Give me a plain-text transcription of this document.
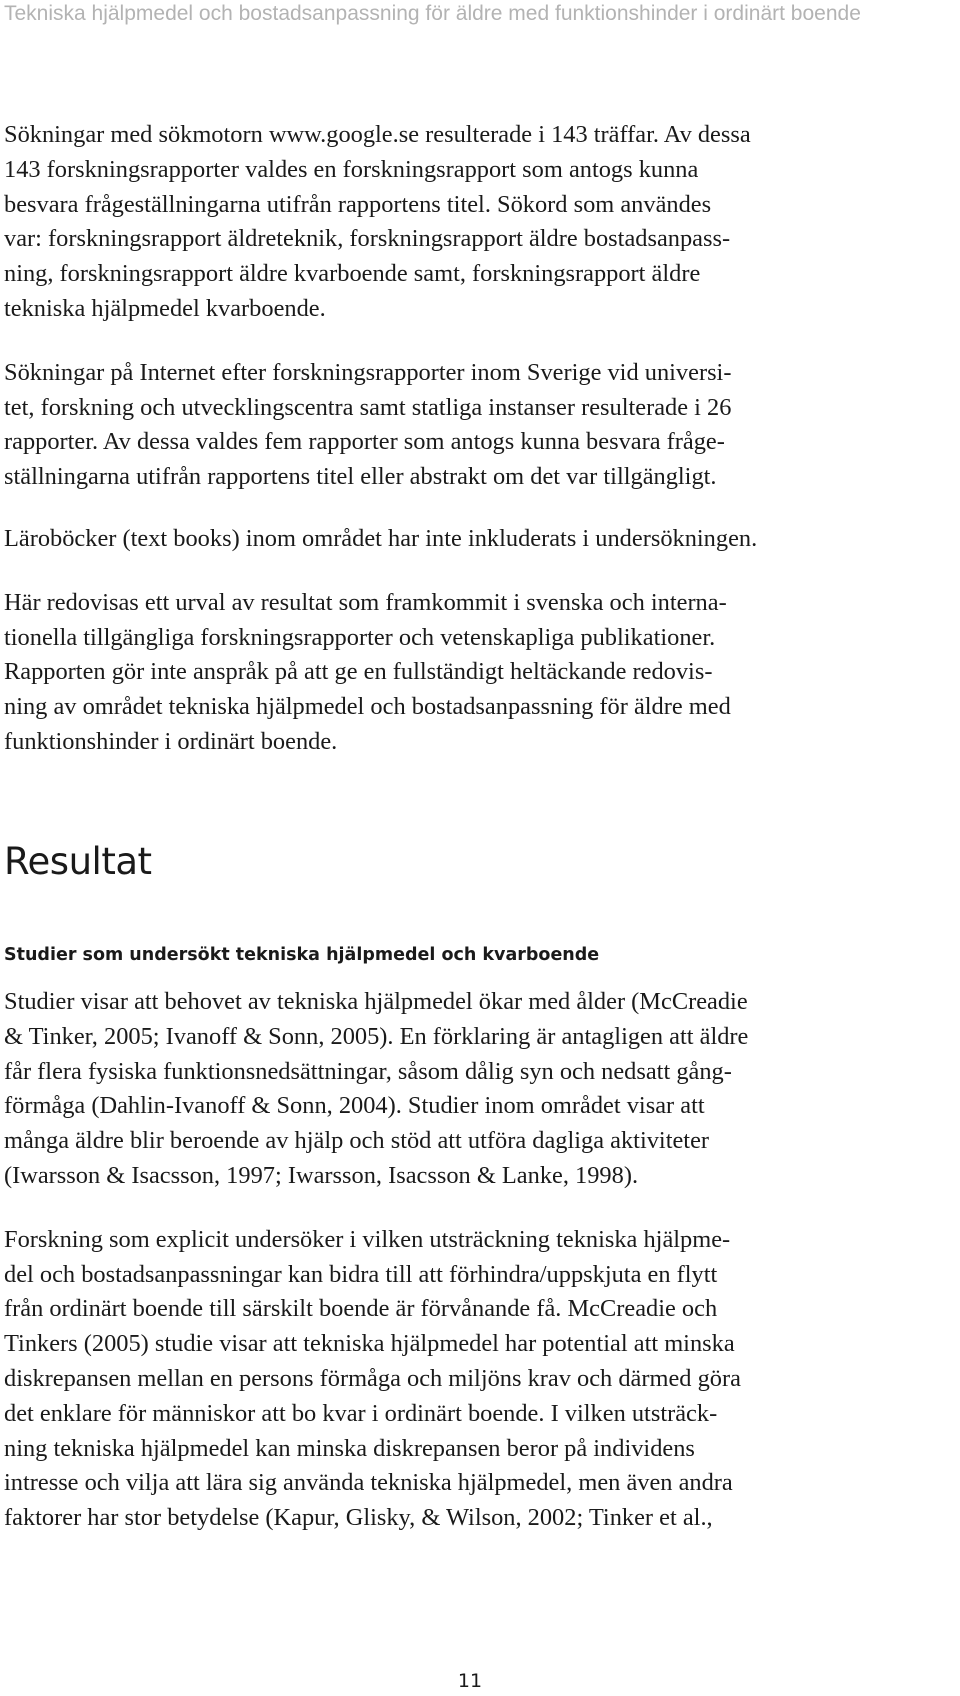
Tekniska hjälpmedel och bostadsanpassning för äldre med funktionshinder i ordinärt boende

Sökningar med sökmotorn www.google.se resulterade i 143 träffar. Av dessa
143 forskningsrapporter valdes en forskningsrapport som antogs kunna
besvara frågeställningarna utifrån rapportens titel. Sökord som användes
var: forskningsrapport äldreteknik, forskningsrapport äldre bostadsanpass-
ning, forskningsrapport äldre kvarboende samt, forskningsrapport äldre
tekniska hjälpmedel kvarboende.

Sökningar på Internet efter forskningsrapporter inom Sverige vid universi-
tet, forskning och utvecklingscentra samt statliga instanser resulterade i 26
rapporter. Av dessa valdes fem rapporter som antogs kunna besvara fråge-
ställningarna utifrån rapportens titel eller abstrakt om det var tillgängligt.

Läroböcker (text books) inom området har inte inkluderats i undersökningen.

Här redovisas ett urval av resultat som framkommit i svenska och interna-
tionella tillgängliga forskningsrapporter och vetenskapliga publikationer.
Rapporten gör inte anspråk på att ge en fullständigt heltäckande redovis-
ning av området tekniska hjälpmedel och bostadsanpassning för äldre med
funktionshinder i ordinärt boende.

Resultat
Studier som undersökt tekniska hjälpmedel och kvarboende

Studier visar att behovet av tekniska hjälpmedel ökar med ålder (McCreadie
& Tinker, 2005; Ivanoff & Sonn, 2005). En förklaring är antagligen att äldre
får flera fysiska funktionsnedsättningar, såsom dålig syn och nedsatt gång-
förmåga (Dahlin-Ivanoff & Sonn, 2004). Studier inom området visar att
många äldre blir beroende av hjälp och stöd att utföra dagliga aktiviteter
(Iwarsson & Isacsson, 1997; Iwarsson, Isacsson & Lanke, 1998).

Forskning som explicit undersöker i vilken utsträckning tekniska hjälpme-
del och bostadsanpassningar kan bidra till att förhindra/uppskjuta en flytt
från ordinärt boende till särskilt boende är förvånande få. McCreadie och
Tinkers (2005) studie visar att tekniska hjälpmedel har potential att minska
diskrepansen mellan en persons förmåga och miljöns krav och därmed göra
det enklare för människor att bo kvar i ordinärt boende. I vilken utsträck-
ning tekniska hjälpmedel kan minska diskrepansen beror på individens
intresse och vilja att lära sig använda tekniska hjälpmedel, men även andra
faktorer har stor betydelse (Kapur, Glisky, & Wilson, 2002; Tinker et al.,

11
